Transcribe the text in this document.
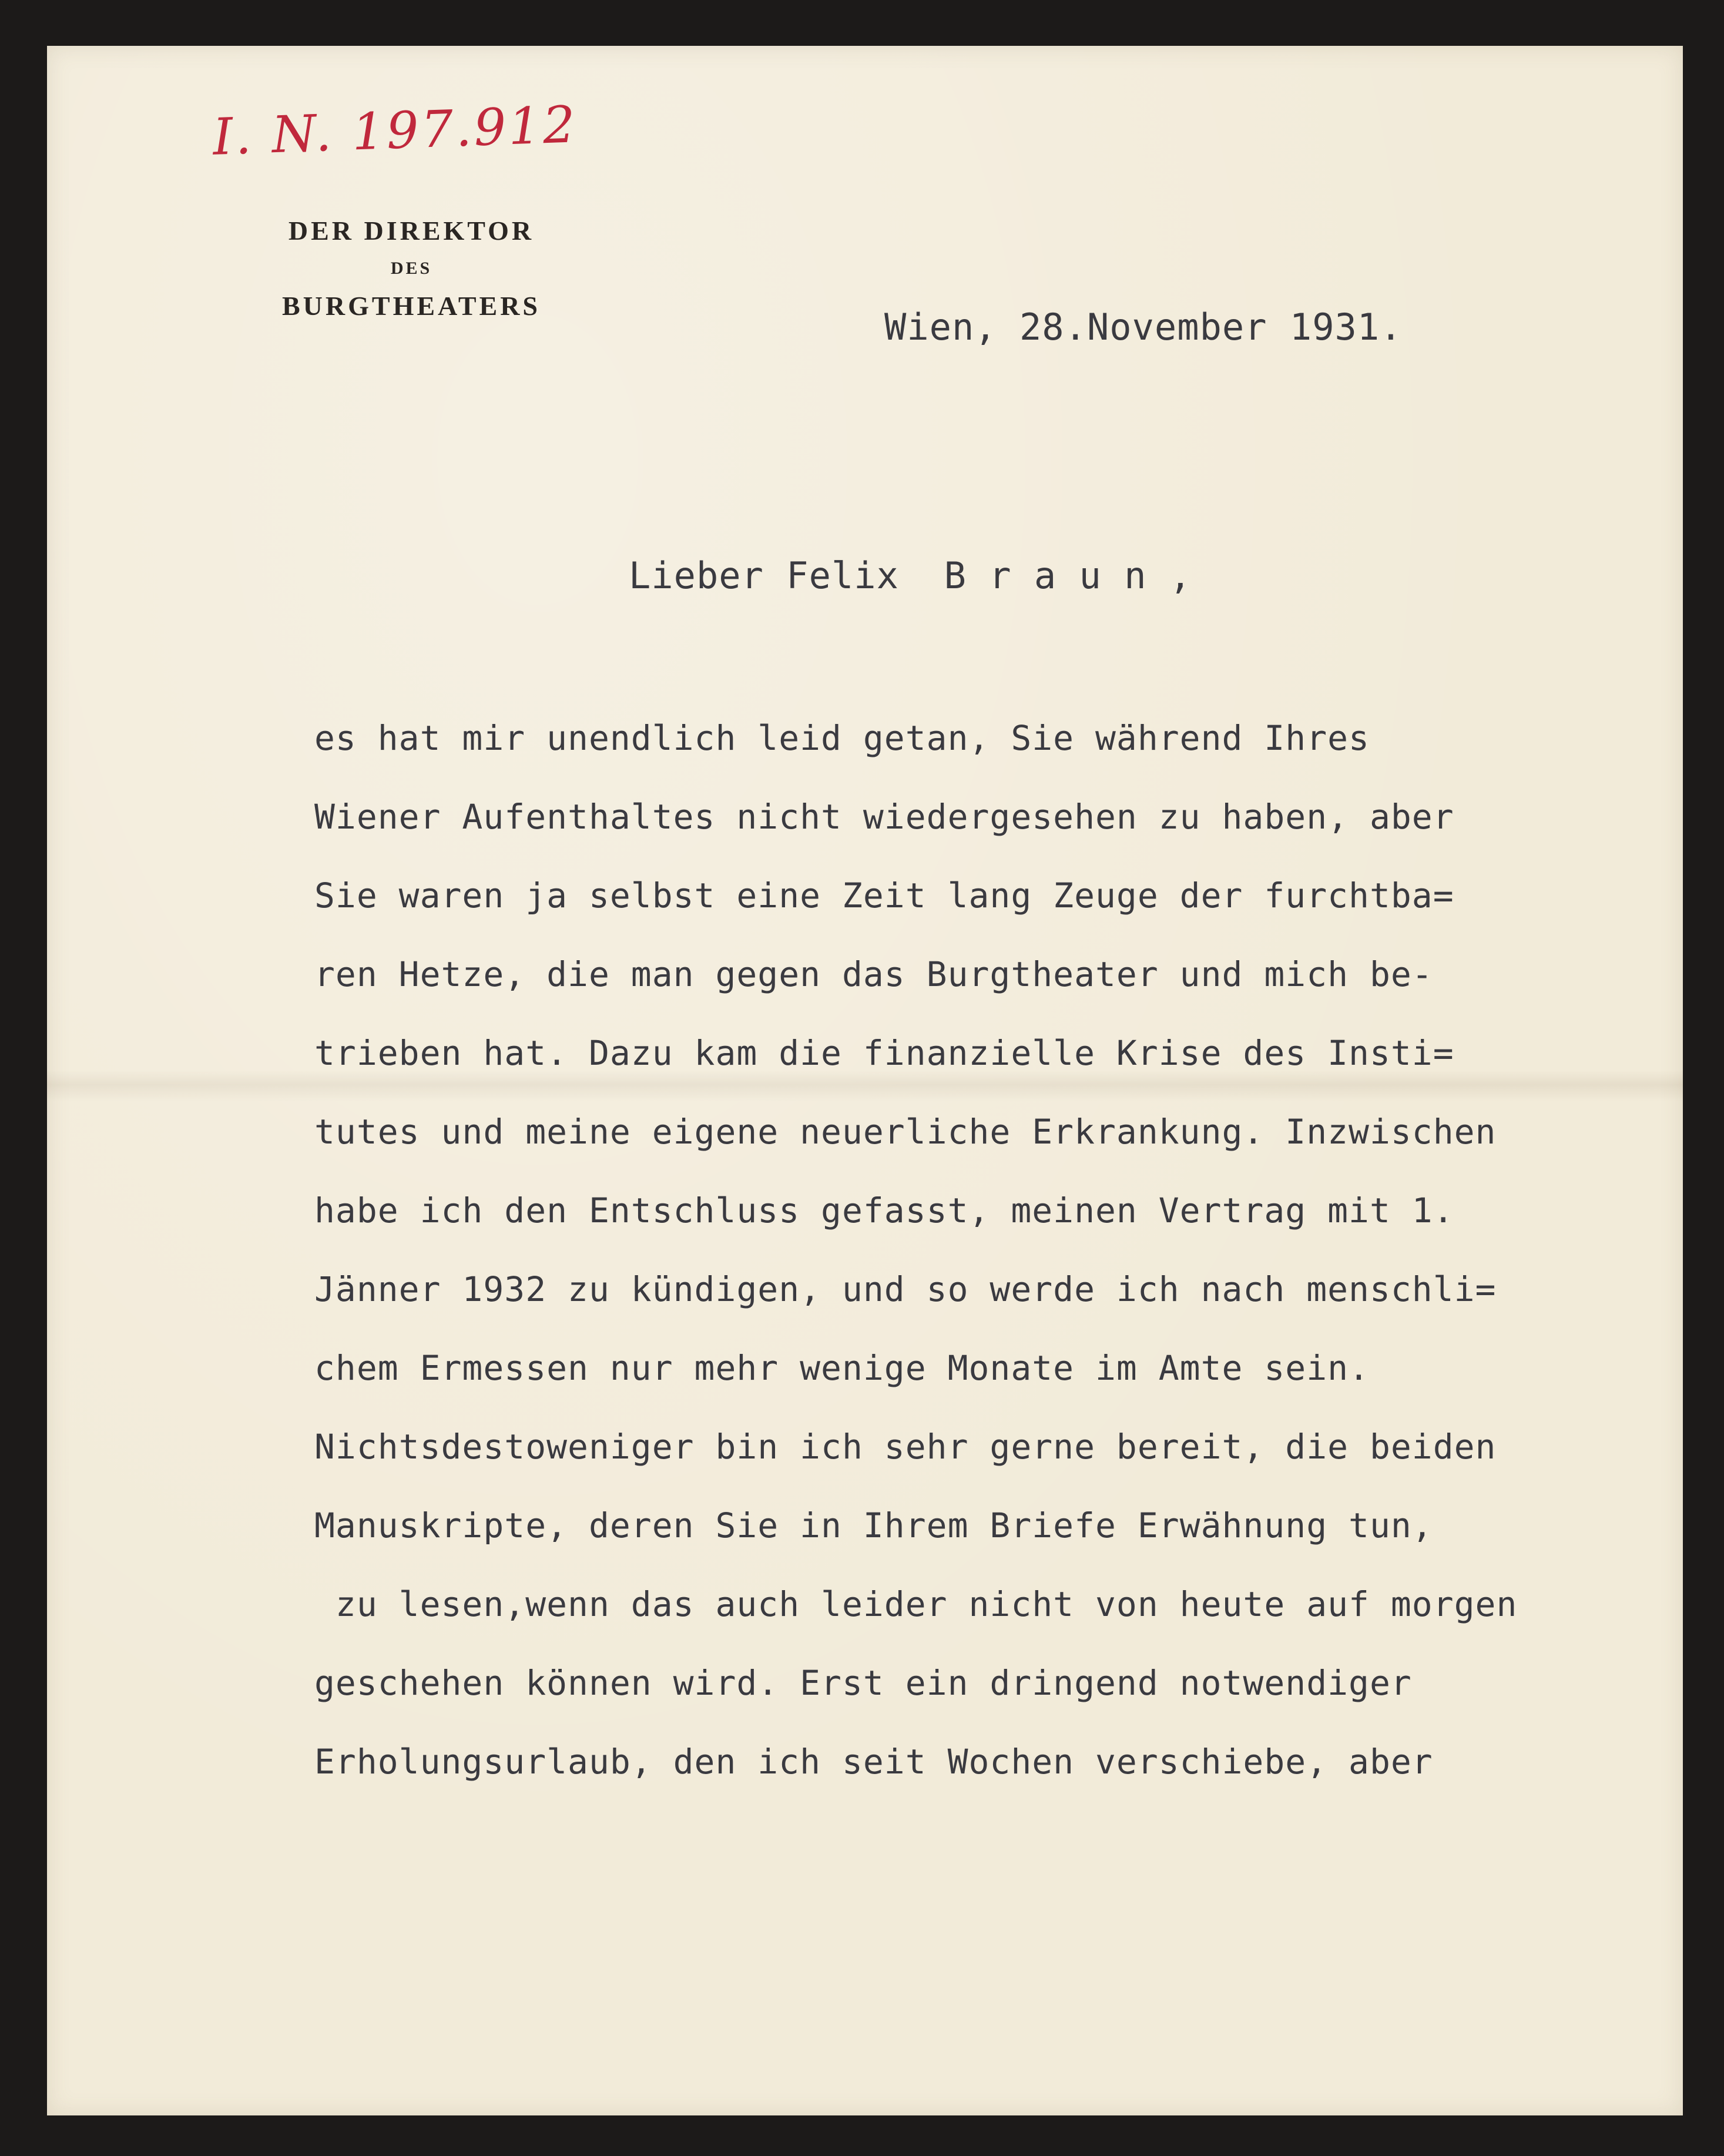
I. N. 197.912
DER DIREKTOR
DES
BURGTHEATERS	Wien, 28.November 1931.
Lieber Felix  B r a u n ,
es hat mir unendlich leid getan, Sie während Ihres
Wiener Aufenthaltes nicht wiedergesehen zu haben, aber
Sie waren ja selbst eine Zeit lang Zeuge der furchtba=
ren Hetze, die man gegen das Burgtheater und mich be-
trieben hat. Dazu kam die finanzielle Krise des Insti=
tutes und meine eigene neuerliche Erkrankung. Inzwischen
habe ich den Entschluss gefasst, meinen Vertrag mit 1.
Jänner 1932 zu kündigen, und so werde ich nach menschli=
chem Ermessen nur mehr wenige Monate im Amte sein.
Nichtsdestoweniger bin ich sehr gerne bereit, die beiden
Manuskripte, deren Sie in Ihrem Briefe Erwähnung tun,
zu lesen,wenn das auch leider nicht von heute auf morgen
geschehen können wird. Erst ein dringend notwendiger
Erholungsurlaub, den ich seit Wochen verschiebe, aber
